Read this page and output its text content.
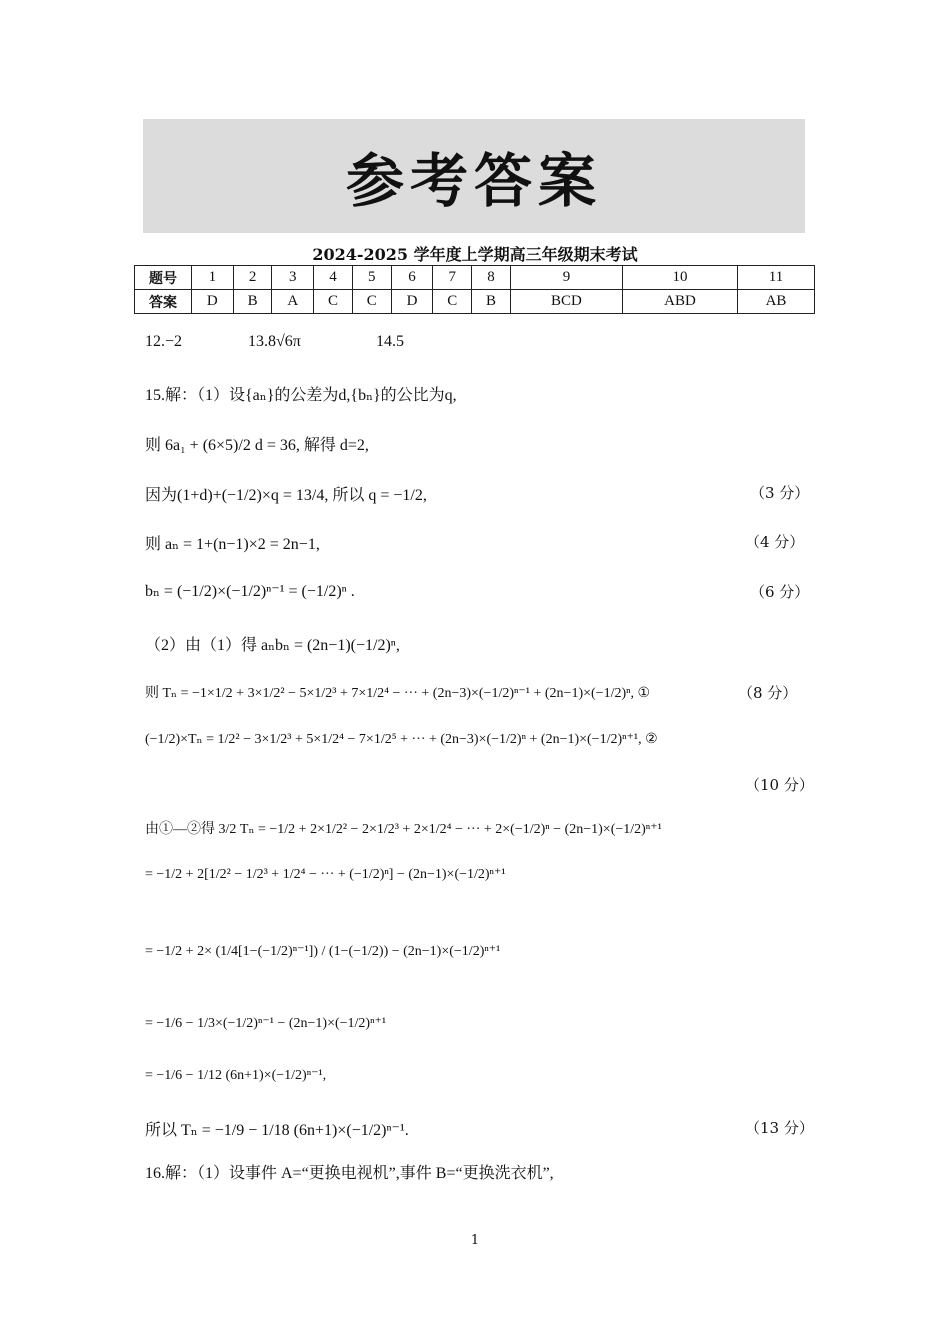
参考答案
2024-2025 学年度上学期高三年级期末考试
题号	1	2	3	4	5	6	7	8	9	10	11
答案	D	B	A	C	C	D	C	B	BCD	ABD	AB
12.−2	13.8√6π	14.5
15.解：（1）设{aₙ}的公差为d,{bₙ}的公比为q,
则 6a₁ + (6×5)/2 d = 36, 解得 d=2,
因为(1+d)+(−1/2)×q = 13/4, 所以 q = −1/2,	（3 分）
则 aₙ = 1+(n−1)×2 = 2n−1,	（4 分）
bₙ = (−1/2)×(−1/2)ⁿ⁻¹ = (−1/2)ⁿ .	（6 分）
（2）由（1）得 aₙbₙ = (2n−1)(−1/2)ⁿ,
则 Tₙ = −1×1/2 + 3×1/2² − 5×1/2³ + 7×1/2⁴ − ··· + (2n−3)×(−1/2)ⁿ⁻¹ + (2n−1)×(−1/2)ⁿ, ①	（8 分）
(−1/2)×Tₙ = 1/2² − 3×1/2³ + 5×1/2⁴ − 7×1/2⁵ + ··· + (2n−3)×(−1/2)ⁿ + (2n−1)×(−1/2)ⁿ⁺¹, ②
（10 分）
由①—②得 3/2 Tₙ = −1/2 + 2×1/2² − 2×1/2³ + 2×1/2⁴ − ··· + 2×(−1/2)ⁿ − (2n−1)×(−1/2)ⁿ⁺¹
= −1/2 + 2[1/2² − 1/2³ + 1/2⁴ − ··· + (−1/2)ⁿ] − (2n−1)×(−1/2)ⁿ⁺¹
= −1/2 + 2× (1/4[1−(−1/2)ⁿ⁻¹]) / (1−(−1/2)) − (2n−1)×(−1/2)ⁿ⁺¹
= −1/6 − 1/3×(−1/2)ⁿ⁻¹ − (2n−1)×(−1/2)ⁿ⁺¹
= −1/6 − 1/12 (6n+1)×(−1/2)ⁿ⁻¹,
所以 Tₙ = −1/9 − 1/18 (6n+1)×(−1/2)ⁿ⁻¹.	（13 分）
16.解：（1）设事件 A=“更换电视机”,事件 B=“更换洗衣机”,
1
